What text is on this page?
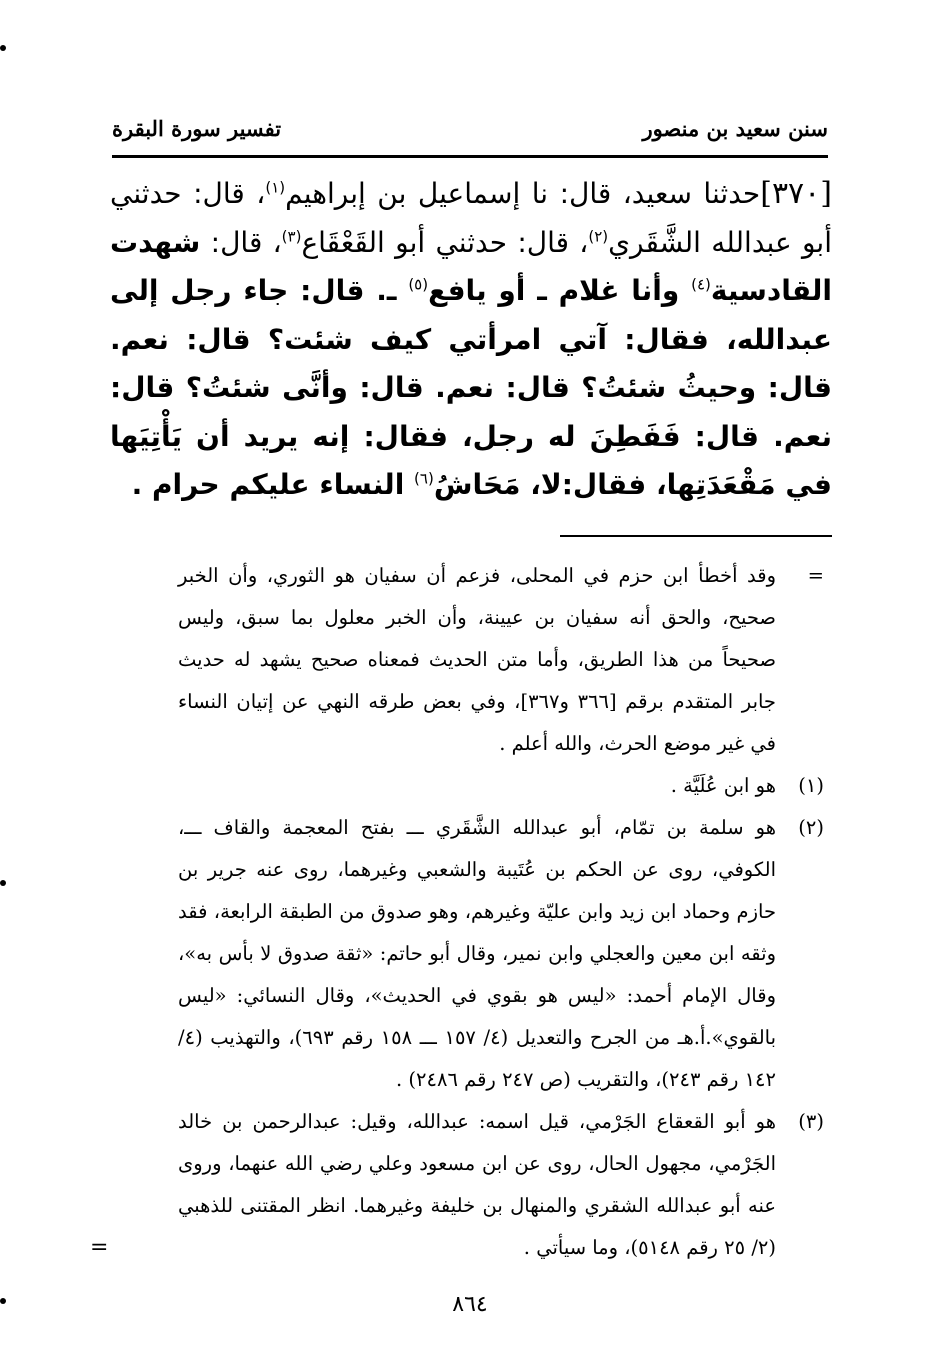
سنن سعيد بن منصور
تفسير سورة البقرة
[٣٧٠]حدثنا سعيد، قال: نا إسماعيل بن إبراهيم$^{(١)}$، قال: حدثني أبو عبدالله الشَّقَري$^{(٢)}$، قال: حدثني أبو القَعْقَاع$^{(٣)}$، قال: شهدت القادسية$^{(٤)}$ وأنا غلام ـ أو يافع$^{(٥)}$ ـ. قال: جاء رجل إلى عبدالله، فقال: آتي امرأتي كيف شئت؟ قال: نعم. قال: وحيثُ شئتُ؟ قال: نعم. قال: وأنَّى شئتُ؟ قال: نعم. قال: فَفَطِنَ له رجل، فقال: إنه يريد أن يَأْتِيَها في مَقْعَدَتِها، فقال:لا، مَحَاشُ$^{(٦)}$ النساء عليكم حرام .
=
وقد أخطأ ابن حزم في المحلى، فزعم أن سفيان هو الثوري، وأن الخبر صحيح، والحق أنه سفيان بن عيينة، وأن الخبر معلول بما سبق، وليس صحيحاً من هذا الطريق، وأما متن الحديث فمعناه صحيح يشهد له حديث جابر المتقدم برقم [٣٦٦ و٣٦٧]، وفي بعض طرقه النهي عن إتيان النساء في غير موضع الحرث، والله أعلم .
(١)
هو ابن عُلَيَّة .
(٢)
هو سلمة بن تمّام، أبو عبدالله الشَّقَري ـــ بفتح المعجمة والقاف ـــ، الكوفي، روى عن الحكم بن عُتَيبة والشعبي وغيرهما، روى عنه جرير بن حازم وحماد ابن زيد وابن عليّة وغيرهم، وهو صدوق من الطبقة الرابعة، فقد وثقه ابن معين والعجلي وابن نمير، وقال أبو حاتم: «ثقة صدوق لا بأس به»، وقال الإمام أحمد: «ليس هو بقوي في الحديث»، وقال النسائي: «ليس بالقوي».أ.هـ من الجرح والتعديل (٤/ ١٥٧ ـــ ١٥٨ رقم ٦٩٣)، والتهذيب (٤/ ١٤٢ رقم ٢٤٣)، والتقريب (ص ٢٤٧ رقم ٢٤٨٦) .
(٣)
هو أبو القعقاع الجَرْمي، قيل اسمه: عبدالله، وقيل: عبدالرحمن بن خالد الجَرْمي، مجهول الحال، روى عن ابن مسعود وعلي رضي الله عنهما، وروى عنه أبو عبدالله الشقري والمنهال بن خليفة وغيرهما. انظر المقتنى للذهبي (٢/ ٢٥ رقم ٥١٤٨)، وما سيأتي .
=
٨٦٤
